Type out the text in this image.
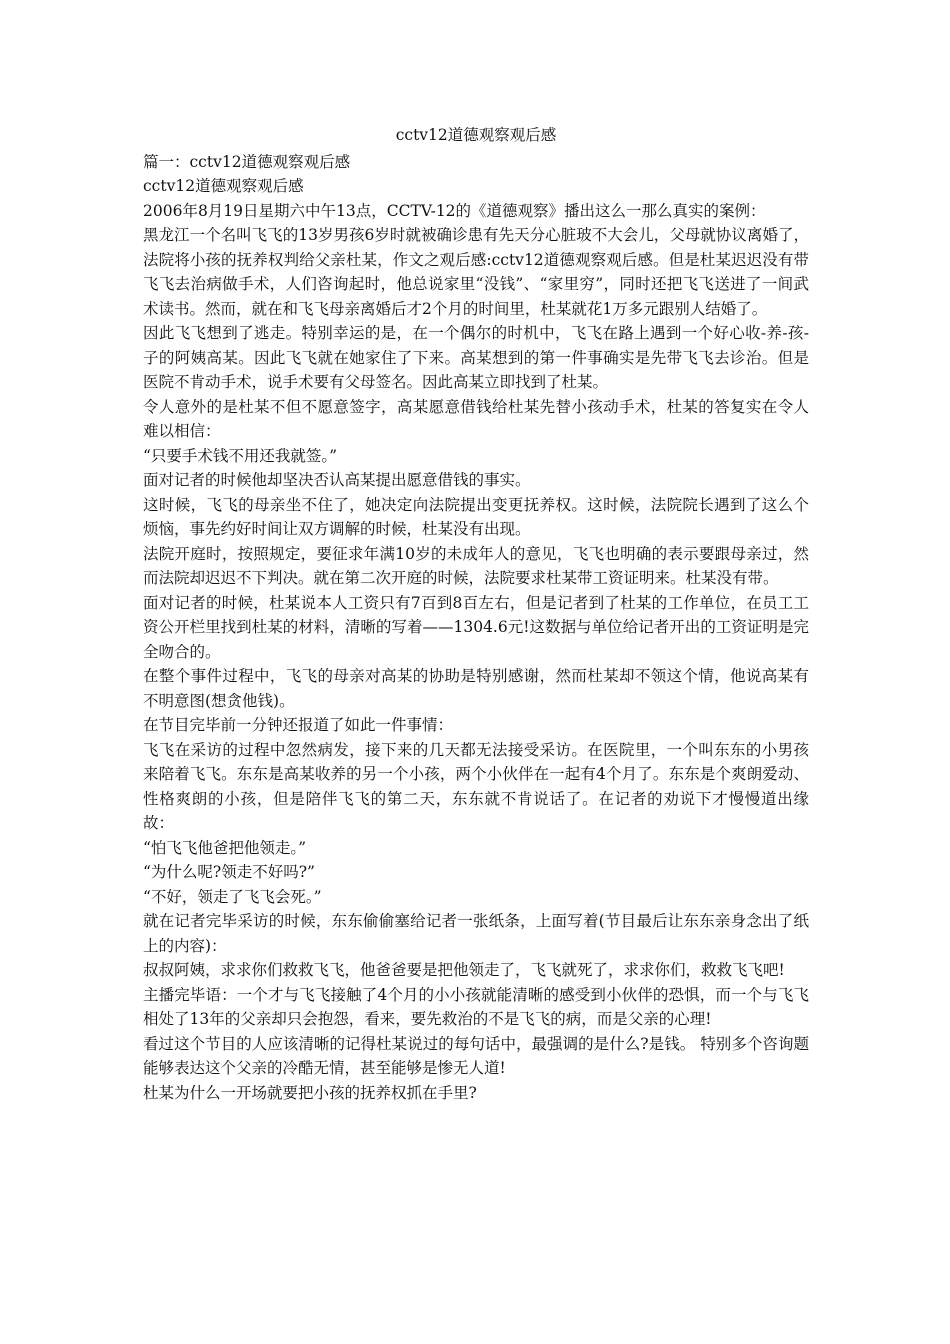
cctv12道德观察观后感

篇一：cctv12道德观察观后感

cctv12道德观察观后感

2006年8月19日星期六中午13点，CCTV-12的《道德观察》播出这么一那么真实的案例：

黑龙江一个名叫飞飞的13岁男孩6岁时就被确诊患有先天分心脏玻不大会儿，父母就协议离婚了，法院将小孩的抚养权判给父亲杜某，作文之观后感:cctv12道德观察观后感。但是杜某迟迟没有带飞飞去治病做手术，人们咨询起时，他总说家里“没钱”、“家里穷”，同时还把飞飞送进了一间武术读书。然而，就在和飞飞母亲离婚后才2个月的时间里，杜某就花1万多元跟别人结婚了。

因此飞飞想到了逃走。特别幸运的是，在一个偶尔的时机中，飞飞在路上遇到一个好心收-养-孩-子的阿姨高某。因此飞飞就在她家住了下来。高某想到的第一件事确实是先带飞飞去诊治。但是医院不肯动手术，说手术要有父母签名。因此高某立即找到了杜某。

令人意外的是杜某不但不愿意签字，高某愿意借钱给杜某先替小孩动手术，杜某的答复实在令人难以相信：

“只要手术钱不用还我就签。”

面对记者的时候他却坚决否认高某提出愿意借钱的事实。

这时候，飞飞的母亲坐不住了，她决定向法院提出变更抚养权。这时候，法院院长遇到了这么个烦恼，事先约好时间让双方调解的时候，杜某没有出现。

法院开庭时，按照规定，要征求年满10岁的未成年人的意见，飞飞也明确的表示要跟母亲过，然而法院却迟迟不下判决。就在第二次开庭的时候，法院要求杜某带工资证明来。杜某没有带。

面对记者的时候，杜某说本人工资只有7百到8百左右，但是记者到了杜某的工作单位，在员工工资公开栏里找到杜某的材料，清晰的写着——1304.6元!这数据与单位给记者开出的工资证明是完全吻合的。

在整个事件过程中，飞飞的母亲对高某的协助是特别感谢，然而杜某却不领这个情，他说高某有不明意图(想贪他钱)。

在节目完毕前一分钟还报道了如此一件事情：

飞飞在采访的过程中忽然病发，接下来的几天都无法接受采访。在医院里，一个叫东东的小男孩来陪着飞飞。东东是高某收养的另一个小孩，两个小伙伴在一起有4个月了。东东是个爽朗爱动、性格爽朗的小孩，但是陪伴飞飞的第二天，东东就不肯说话了。在记者的劝说下才慢慢道出缘故：

“怕飞飞他爸把他领走。”

“为什么呢?领走不好吗?”

“不好，领走了飞飞会死。”

就在记者完毕采访的时候，东东偷偷塞给记者一张纸条，上面写着(节目最后让东东亲身念出了纸上的内容)：

叔叔阿姨，求求你们救救飞飞，他爸爸要是把他领走了，飞飞就死了，求求你们，救救飞飞吧!

主播完毕语：一个才与飞飞接触了4个月的小小孩就能清晰的感受到小伙伴的恐惧，而一个与飞飞相处了13年的父亲却只会抱怨，看来，要先救治的不是飞飞的病，而是父亲的心理!

看过这个节目的人应该清晰的记得杜某说过的每句话中，最强调的是什么?是钱。 特别多个咨询题能够表达这个父亲的冷酷无情，甚至能够是惨无人道!

杜某为什么一开场就要把小孩的抚养权抓在手里?
